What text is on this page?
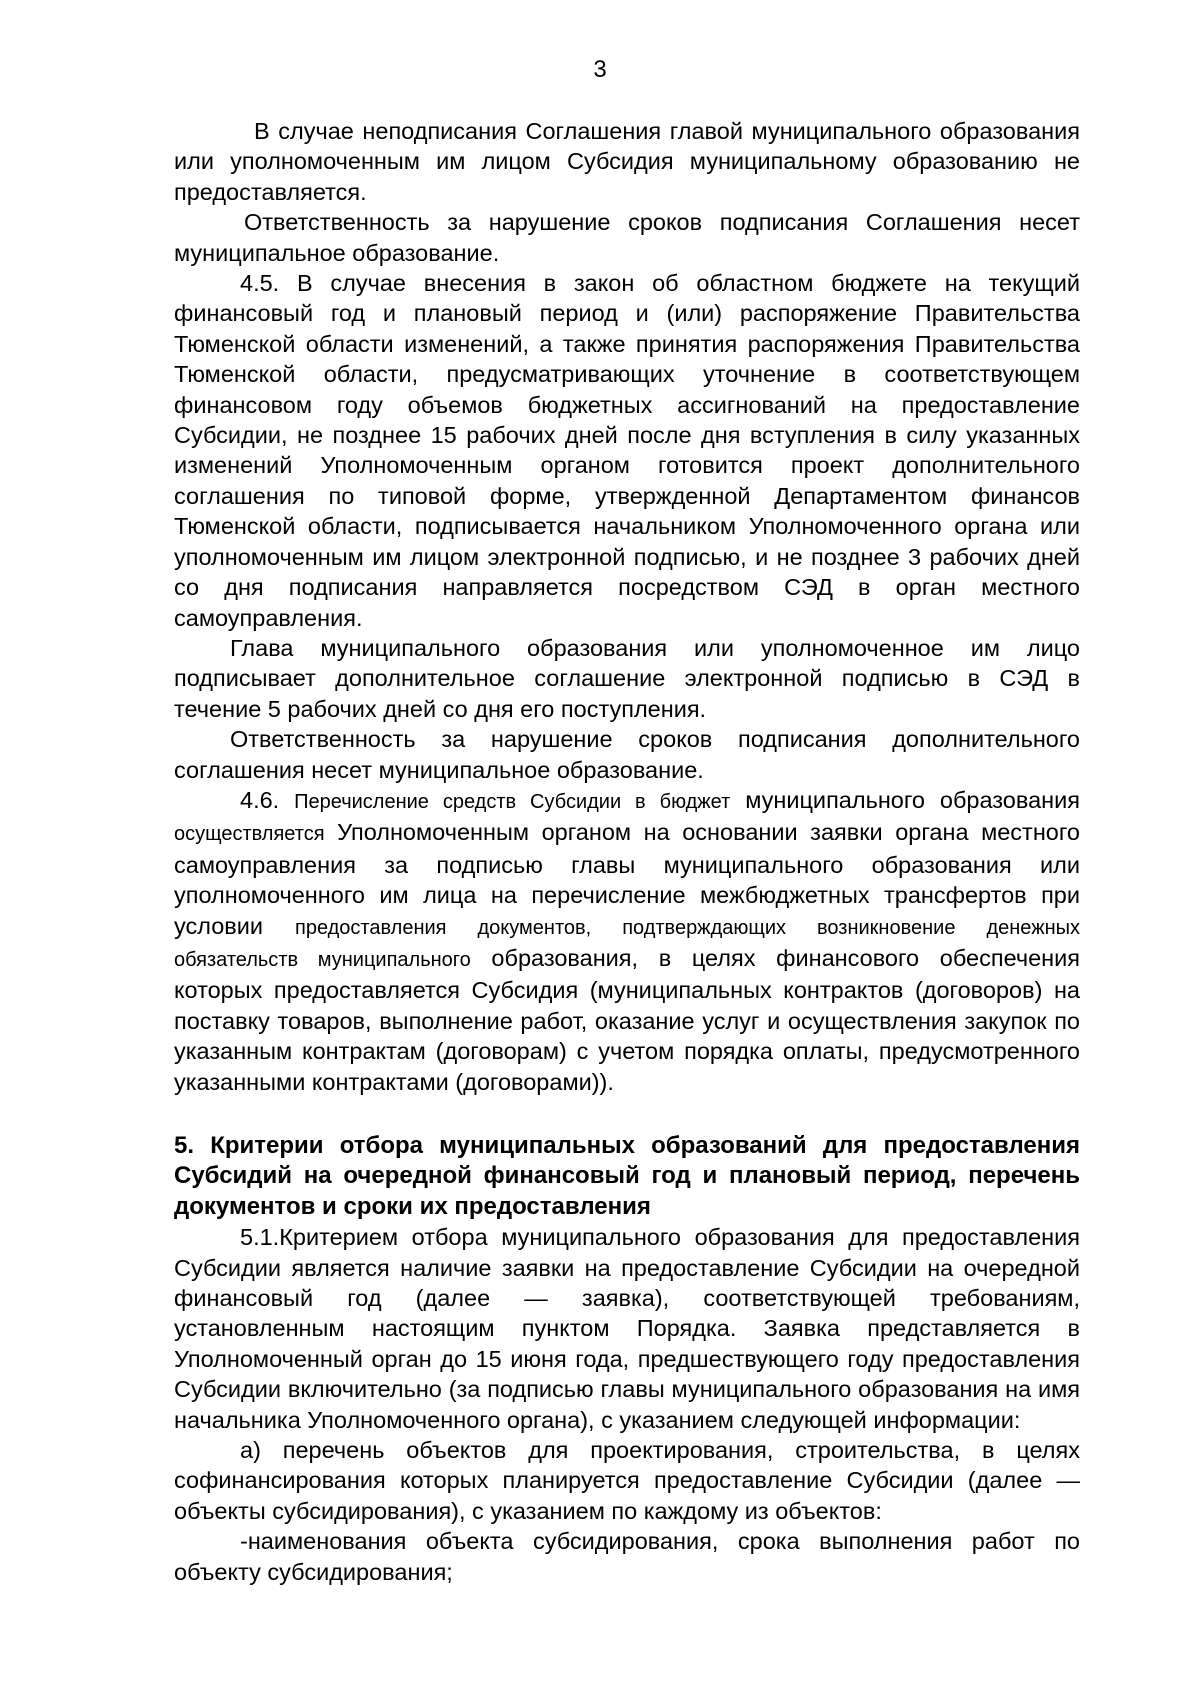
3

В случае неподписания Соглашения главой муниципального образования или уполномоченным им лицом Субсидия муниципальному образованию не предоставляется.

Ответственность за нарушение сроков подписания Соглашения несет муниципальное образование.

4.5. В случае внесения в закон об областном бюджете на текущий финансовый год и плановый период и (или) распоряжение Правительства Тюменской области изменений, а также принятия распоряжения Правительства Тюменской области, предусматривающих уточнение в соответствующем финансовом году объемов бюджетных ассигнований на предоставление Субсидии, не позднее 15 рабочих дней после дня вступления в силу указанных изменений Уполномоченным органом готовится проект дополнительного соглашения по типовой форме, утвержденной Департаментом финансов Тюменской области, подписывается начальником Уполномоченного органа или уполномоченным им лицом электронной подписью, и не позднее 3 рабочих дней со дня подписания направляется посредством СЭД в орган местного самоуправления.

Глава муниципального образования или уполномоченное им лицо подписывает дополнительное соглашение электронной подписью в СЭД в течение 5 рабочих дней со дня его поступления.

Ответственность за нарушение сроков подписания дополнительного соглашения несет муниципальное образование.

4.6. Перечисление средств Субсидии в бюджет муниципального образования осуществляется Уполномоченным органом на основании заявки органа местного самоуправления за подписью главы муниципального образования или уполномоченного им лица на перечисление межбюджетных трансфертов при условии предоставления документов, подтверждающих возникновение денежных обязательств муниципального образования, в целях финансового обеспечения которых предоставляется Субсидия (муниципальных контрактов (договоров) на поставку товаров, выполнение работ, оказание услуг и осуществления закупок по указанным контрактам (договорам) с учетом порядка оплаты, предусмотренного указанными контрактами (договорами)).

5. Критерии отбора муниципальных образований для предоставления Субсидий на очередной финансовый год и плановый период, перечень документов и сроки их предоставления

5.1.Критерием отбора муниципального образования для предоставления Субсидии является наличие заявки на предоставление Субсидии на очередной финансовый год (далее — заявка), соответствующей требованиям, установленным настоящим пунктом Порядка. Заявка представляется в Уполномоченный орган до 15 июня года, предшествующего году предоставления Субсидии включительно (за подписью главы муниципального образования на имя начальника Уполномоченного органа), с указанием следующей информации:

а) перечень объектов для проектирования, строительства, в целях софинансирования которых планируется предоставление Субсидии (далее — объекты субсидирования), с указанием по каждому из объектов:

-наименования объекта субсидирования, срока выполнения работ по объекту субсидирования;
